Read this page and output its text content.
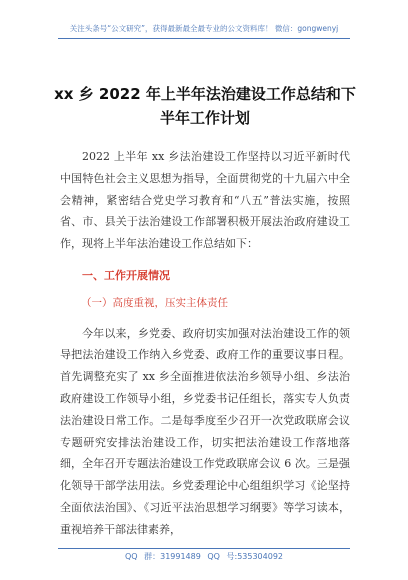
关注头条号“公文研究”，获得最新最全最专业的公文资料库！ 微信：gongwenyj
xx 乡 2022 年上半年法治建设工作总结和下半年工作计划

2022 上半年 xx 乡法治建设工作坚持以习近平新时代中国特色社会主义思想为指导，全面贯彻党的十九届六中全会精神，紧密结合党史学习教育和“八五”普法实施，按照省、市、县关于法治建设工作部署积极开展法治政府建设工作，现将上半年法治建设工作总结如下：

一、工作开展情况

（一）高度重视，压实主体责任

今年以来，乡党委、政府切实加强对法治建设工作的领导把法治建设工作纳入乡党委、政府工作的重要议事日程。首先调整充实了 xx 乡全面推进依法治乡领导小组、乡法治政府建设工作领导小组，乡党委书记任组长，落实专人负责法治建设日常工作。二是每季度至少召开一次党政联席会议专题研究安排法治建设工作，切实把法治建设工作落地落细，全年召开专题法治建设工作党政联席会议 6 次。三是强化领导干部学法用法。乡党委理论中心组组织学习《论坚持全面依法治国》、《习近平法治思想学习纲要》等学习读本，重视培养干部法律素养，

QQ 群：31991489 QQ 号:535304092
